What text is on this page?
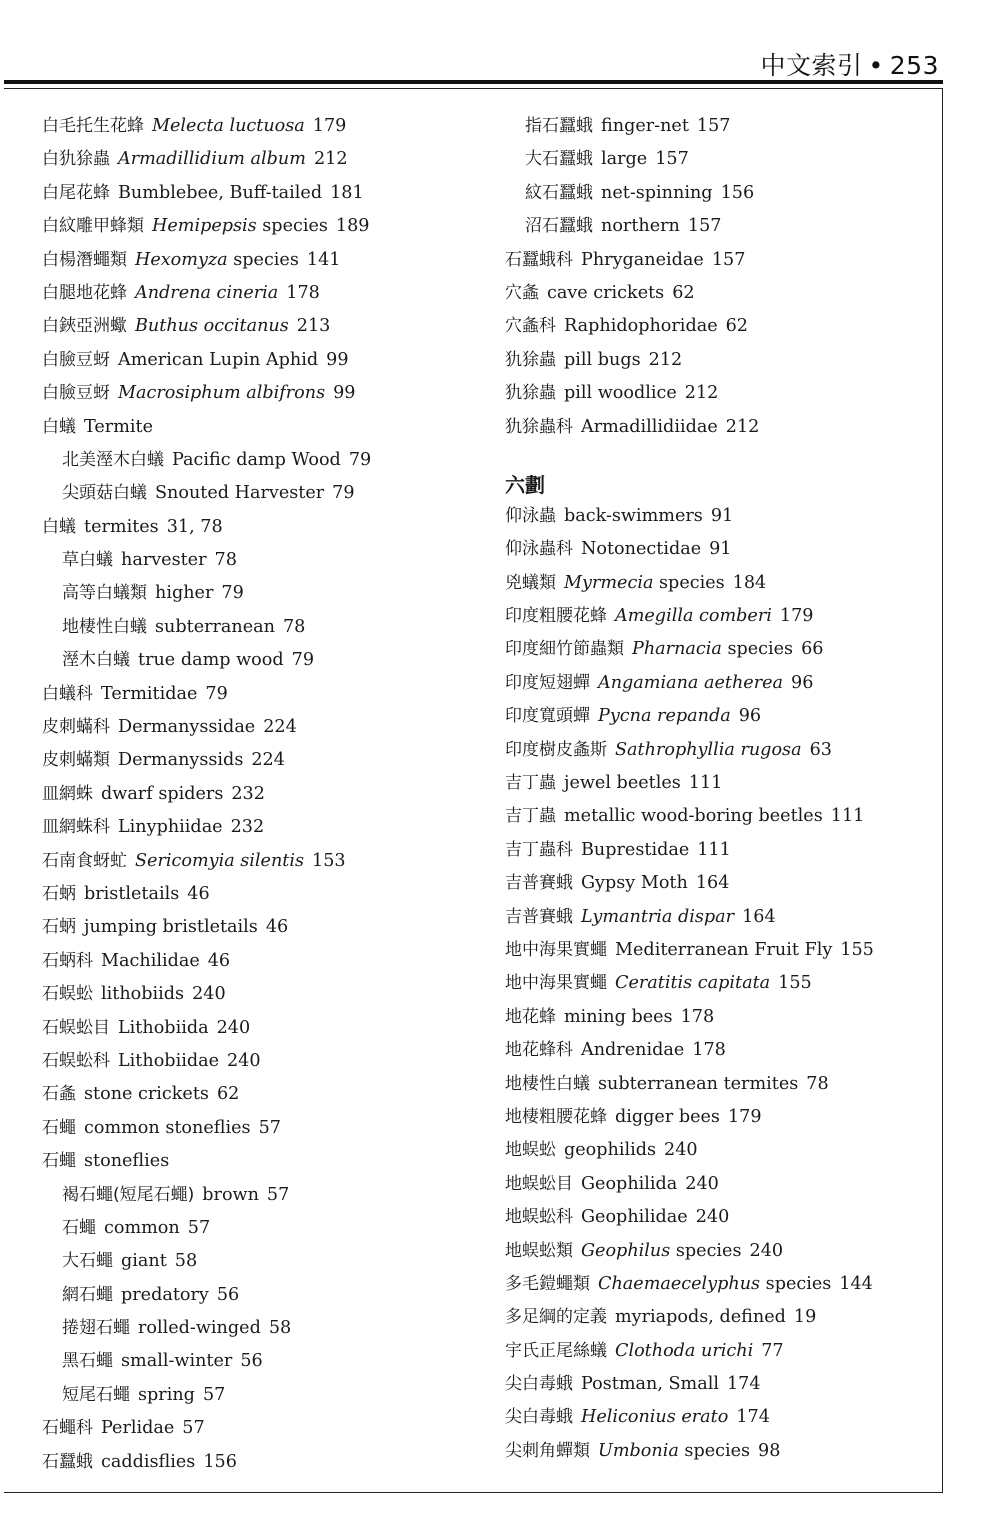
中文索引 • 253
白毛托生花蜂 Melecta luctuosa 179
白犰狳蟲 Armadillidium album 212
白尾花蜂 Bumblebee, Buff-tailed 181
白紋雕甲蜂類 Hemipepsis species 189
白楊潛蠅類 Hexomyza species 141
白腿地花蜂 Andrena cineria 178
白鋏亞洲蠍 Buthus occitanus 213
白臉豆蚜 American Lupin Aphid 99
白臉豆蚜 Macrosiphum albifrons 99
白蟻 Termite
北美溼木白蟻 Pacific damp Wood 79
尖頭菇白蟻 Snouted Harvester 79
白蟻 termites 31, 78
草白蟻 harvester 78
高等白蟻類 higher 79
地棲性白蟻 subterranean 78
溼木白蟻 true damp wood 79
白蟻科 Termitidae 79
皮刺蟎科 Dermanyssidae 224
皮刺蟎類 Dermanyssids 224
皿網蛛 dwarf spiders 232
皿網蛛科 Linyphiidae 232
石南食蚜虻 Sericomyia silentis 153
石蛃 bristletails 46
石蛃 jumping bristletails 46
石蛃科 Machilidae 46
石蜈蚣 lithobiids 240
石蜈蚣目 Lithobiida 240
石蜈蚣科 Lithobiidae 240
石螽 stone crickets 62
石蠅 common stoneflies 57
石蠅 stoneflies
褐石蠅(短尾石蠅) brown 57
石蠅 common 57
大石蠅 giant 58
網石蠅 predatory 56
捲翅石蠅 rolled-winged 58
黑石蠅 small-winter 56
短尾石蠅 spring 57
石蠅科 Perlidae 57
石蠶蛾 caddisflies 156
指石蠶蛾 finger-net 157
大石蠶蛾 large 157
紋石蠶蛾 net-spinning 156
沼石蠶蛾 northern 157
石蠶蛾科 Phryganeidae 157
穴螽 cave crickets 62
穴螽科 Raphidophoridae 62
犰狳蟲 pill bugs 212
犰狳蟲 pill woodlice 212
犰狳蟲科 Armadillidiidae 212
六劃
仰泳蟲 back-swimmers 91
仰泳蟲科 Notonectidae 91
兇蟻類 Myrmecia species 184
印度粗腰花蜂 Amegilla comberi 179
印度細竹節蟲類 Pharnacia species 66
印度短翅蟬 Angamiana aetherea 96
印度寬頭蟬 Pycna repanda 96
印度樹皮螽斯 Sathrophyllia rugosa 63
吉丁蟲 jewel beetles 111
吉丁蟲 metallic wood-boring beetles 111
吉丁蟲科 Buprestidae 111
吉普賽蛾 Gypsy Moth 164
吉普賽蛾 Lymantria dispar 164
地中海果實蠅 Mediterranean Fruit Fly 155
地中海果實蠅 Ceratitis capitata 155
地花蜂 mining bees 178
地花蜂科 Andrenidae 178
地棲性白蟻 subterranean termites 78
地棲粗腰花蜂 digger bees 179
地蜈蚣 geophilids 240
地蜈蚣目 Geophilida 240
地蜈蚣科 Geophilidae 240
地蜈蚣類 Geophilus species 240
多毛鎧蠅類 Chaemaecelyphus species 144
多足綱的定義 myriapods, defined 19
宇氏正尾絲蟻 Clothoda urichi 77
尖白毒蛾 Postman, Small 174
尖白毒蛾 Heliconius erato 174
尖刺角蟬類 Umbonia species 98
